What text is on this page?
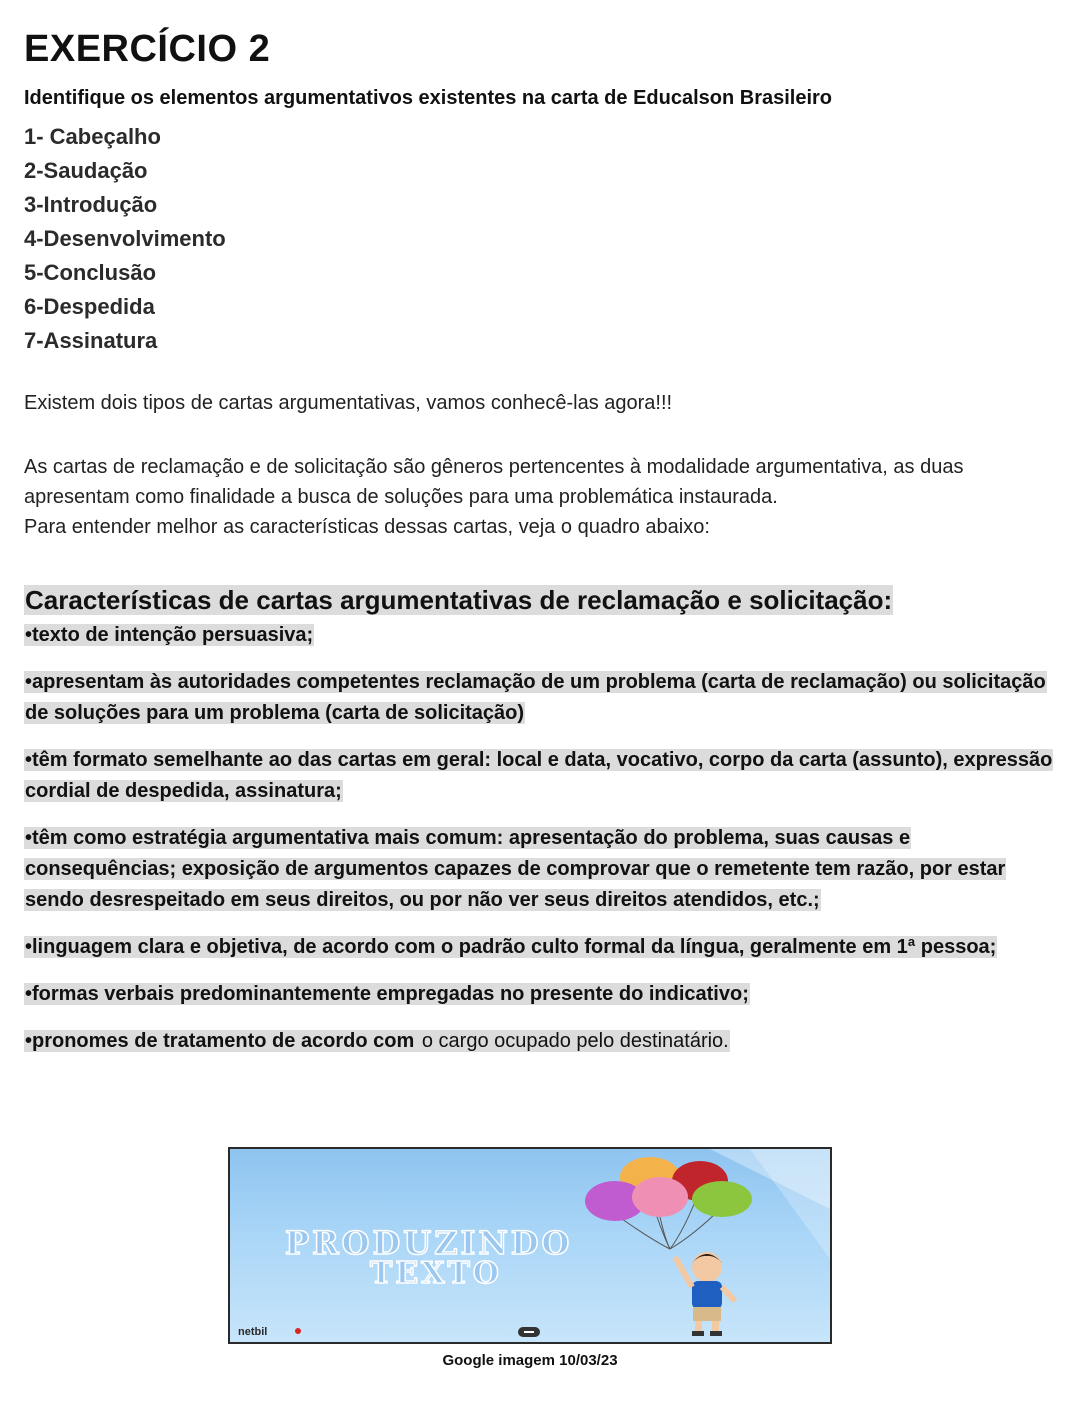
EXERCÍCIO 2
Identifique os elementos argumentativos existentes na carta de Educalson Brasileiro
1- Cabeçalho
2-Saudação
3-Introdução
4-Desenvolvimento
5-Conclusão
6-Despedida
7-Assinatura

Existem dois tipos de cartas argumentativas, vamos conhecê-las agora!!!

As cartas de reclamação e de solicitação são gêneros pertencentes à modalidade argumentativa, as duas apresentam como finalidade a busca de soluções para uma problemática instaurada.

Para entender melhor as características dessas cartas, veja o quadro abaixo:

Características de cartas argumentativas de reclamação e solicitação:
•texto de intenção persuasiva;
•apresentam às autoridades competentes reclamação de um problema (carta de reclamação) ou solicitação de soluções para um problema (carta de solicitação)
•têm formato semelhante ao das cartas em geral: local e data, vocativo, corpo da carta (assunto), expressão cordial de despedida, assinatura;
•têm como estratégia argumentativa mais comum: apresentação do problema, suas causas e consequências; exposição de argumentos capazes de comprovar que o remetente tem razão, por estar sendo desrespeitado em seus direitos, ou por não ver seus direitos atendidos, etc.;
•linguagem clara e objetiva, de acordo com o padrão culto formal da língua, geralmente em 1ª pessoa;
•formas verbais predominantemente empregadas no presente do indicativo;
•pronomes de tratamento de acordo com o cargo ocupado pelo destinatário.
PRODUZINDO
TEXTO
netbil
Google imagem 10/03/23
